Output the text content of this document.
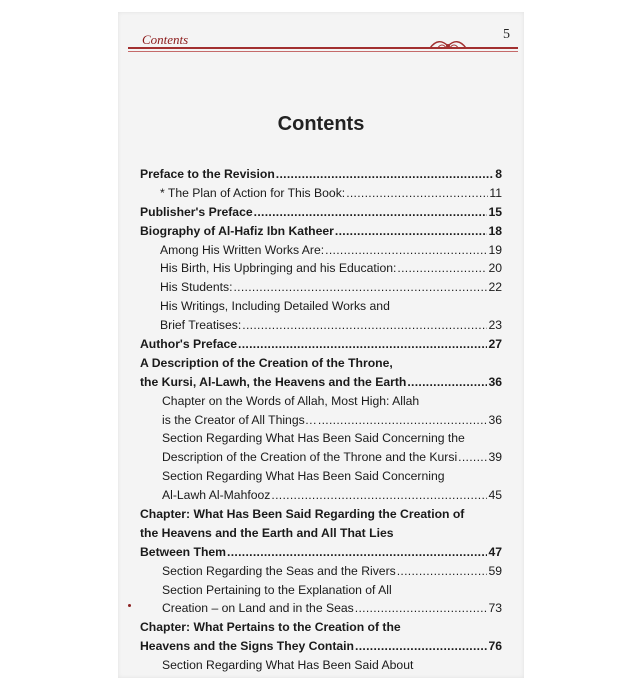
Contents	5
Contents
Preface to the Revision .....	8
* The Plan of Action for This Book: .....	11
Publisher's Preface .....	15
Biography of Al-Hafiz Ibn Katheer .....	18
Among His Written Works Are: .....	19
His Birth, His Upbringing and his Education: .....	20
His Students: .....	22
His Writings, Including Detailed Works and
Brief Treatises: .....	23
Author's Preface .....	27
A Description of the Creation of the Throne,
the Kursi, Al-Lawh, the Heavens and the Earth .....	36
Chapter on the Words of Allah, Most High: Allah
is the Creator of All Things… .....	36
Section Regarding What Has Been Said Concerning the
Description of the Creation of the Throne and the Kursi .....	39
Section Regarding What Has Been Said Concerning
Al-Lawh Al-Mahfooz .....	45
Chapter: What Has Been Said Regarding the Creation of
the Heavens and the Earth and All That Lies
Between Them .....	47
Section Regarding the Seas and the Rivers .....	59
Section Pertaining to the Explanation of All
Creation – on Land and in the Seas .....	73
Chapter: What Pertains to the Creation of the
Heavens and the Signs They Contain .....	76
Section Regarding What Has Been Said About
